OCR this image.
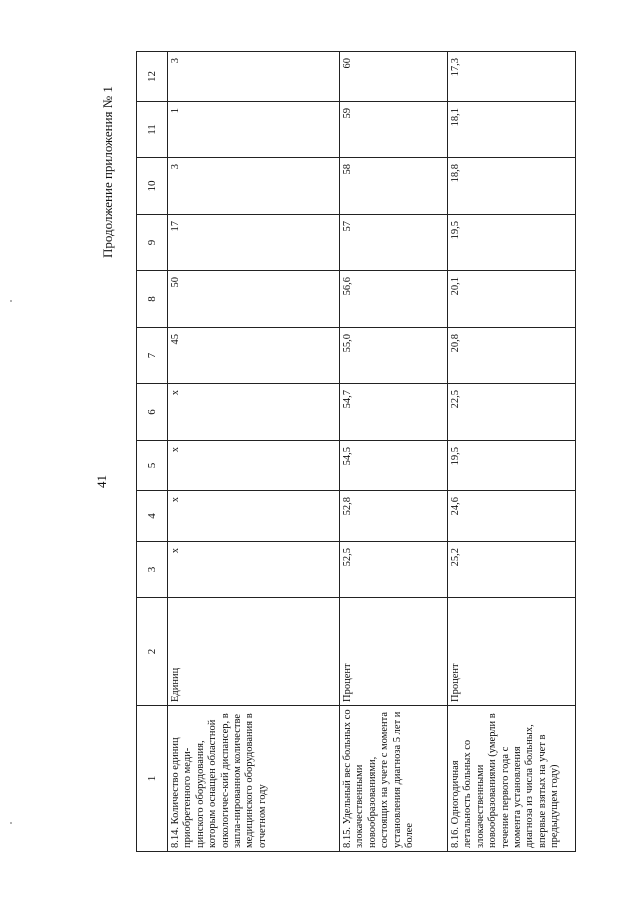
41
Продолжение приложения № 1
1	2	3	4	5	6	7	8	9	10	11	12
8.14. Количество единиц приобретенного меди-цинского оборудования, которым оснащен областной онкологичес-кий диспансер, в запла-нированном количестве медицинского оборудования в отчетном году	Единиц	x	x	x	x	45	50	17	3	1	3
8.15. Удельный вес больных со злокачественными новообразованиями, состоящих на учете с момента установления диагноза 5 лет и более	Процент	52,5	52,8	54,5	54,7	55,0	56,6	57	58	59	60
8.16. Одногодичная летальность больных со злокачественными новообразованиями (умерли в течение первого года с момента установления диагноза из числа больных, впервые взятых на учет в предыдущем году)	Процент	25,2	24,6	19,5	22,5	20,8	20,1	19,5	18,8	18,1	17,3
